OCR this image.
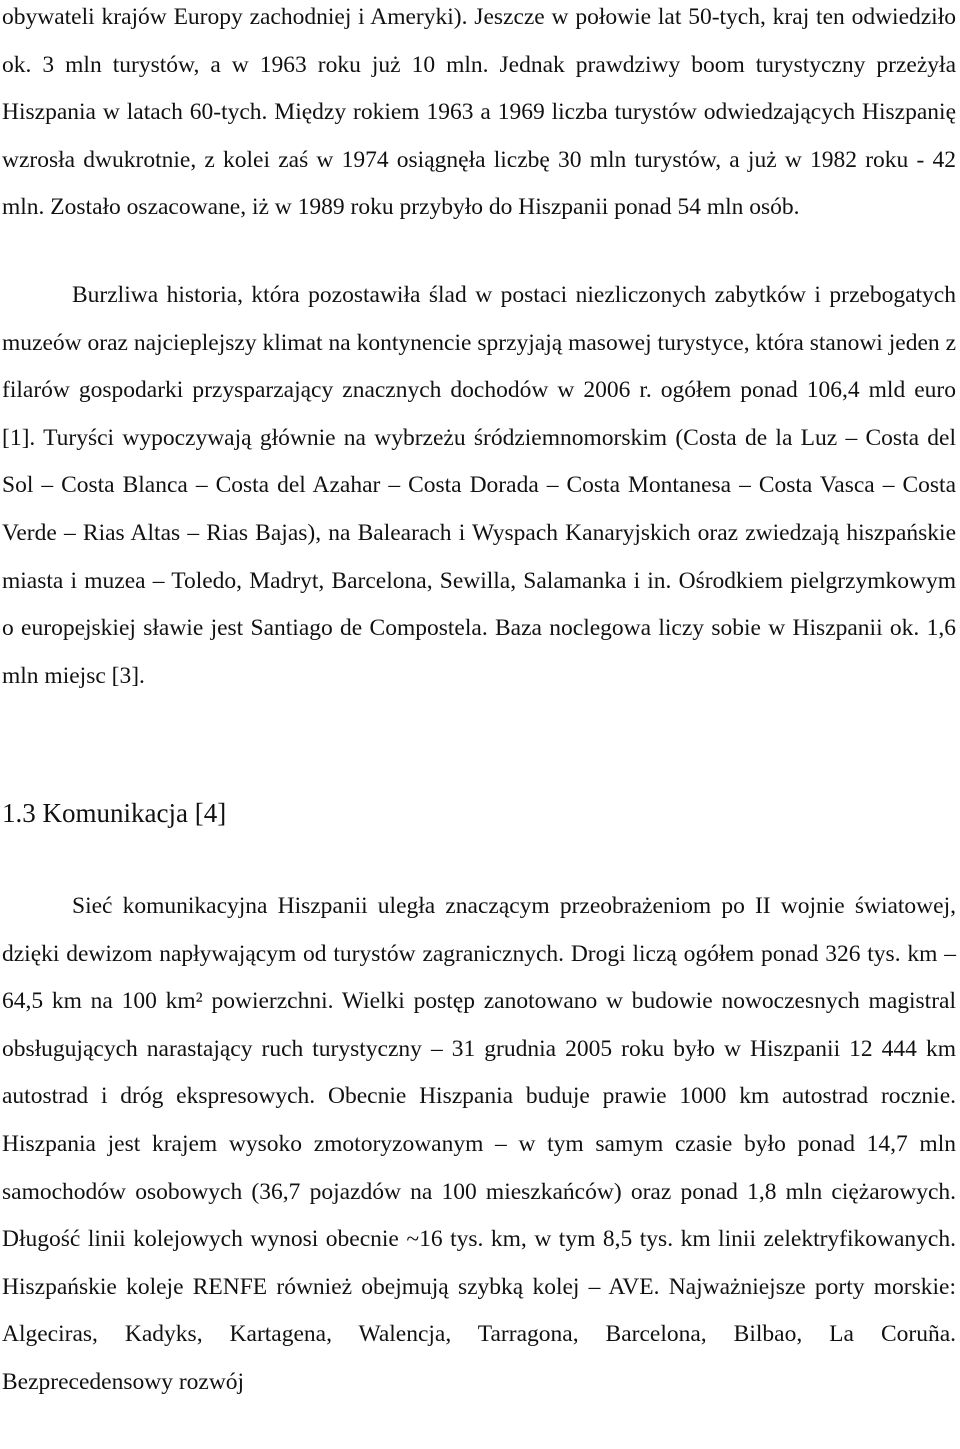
obywateli krajów Europy zachodniej i Ameryki). Jeszcze w połowie lat 50-tych, kraj ten odwiedziło ok. 3 mln turystów, a w 1963 roku już 10 mln. Jednak prawdziwy boom turystyczny przeżyła Hiszpania w latach 60-tych. Między rokiem 1963 a 1969 liczba turystów odwiedzających Hiszpanię wzrosła dwukrotnie, z kolei zaś w 1974 osiągnęła liczbę 30 mln turystów, a już w 1982 roku - 42 mln. Zostało oszacowane, iż w 1989 roku przybyło do Hiszpanii ponad 54 mln osób.

Burzliwa historia, która pozostawiła ślad w postaci niezliczonych zabytków i przebogatych muzeów oraz najcieplejszy klimat na kontynencie sprzyjają masowej turystyce, która stanowi jeden z filarów gospodarki przysparzający znacznych dochodów w 2006 r. ogółem ponad 106,4 mld euro [1]. Turyści wypoczywają głównie na wybrzeżu śródziemnomorskim (Costa de la Luz – Costa del Sol – Costa Blanca – Costa del Azahar – Costa Dorada – Costa Montanesa – Costa Vasca – Costa Verde – Rias Altas – Rias Bajas), na Balearach i Wyspach Kanaryjskich oraz zwiedzają hiszpańskie miasta i muzea – Toledo, Madryt, Barcelona, Sewilla, Salamanka i in. Ośrodkiem pielgrzymkowym o europejskiej sławie jest Santiago de Compostela. Baza noclegowa liczy sobie w Hiszpanii ok. 1,6 mln miejsc [3].

1.3 Komunikacja [4]

Sieć komunikacyjna Hiszpanii uległa znaczącym przeobrażeniom po II wojnie światowej, dzięki dewizom napływającym od turystów zagranicznych. Drogi liczą ogółem ponad 326 tys. km – 64,5 km na 100 km² powierzchni. Wielki postęp zanotowano w budowie nowoczesnych magistral obsługujących narastający ruch turystyczny – 31 grudnia 2005 roku było w Hiszpanii 12 444 km autostrad i dróg ekspresowych. Obecnie Hiszpania buduje prawie 1000 km autostrad rocznie. Hiszpania jest krajem wysoko zmotoryzowanym – w tym samym czasie było ponad 14,7 mln samochodów osobowych (36,7 pojazdów na 100 mieszkańców) oraz ponad 1,8 mln ciężarowych. Długość linii kolejowych wynosi obecnie ~16 tys. km, w tym 8,5 tys. km linii zelektryfikowanych. Hiszpańskie koleje RENFE również obejmują szybką kolej – AVE. Najważniejsze porty morskie: Algeciras, Kadyks, Kartagena, Walencja, Tarragona, Barcelona, Bilbao, La Coruña. Bezprecedensowy rozwój
